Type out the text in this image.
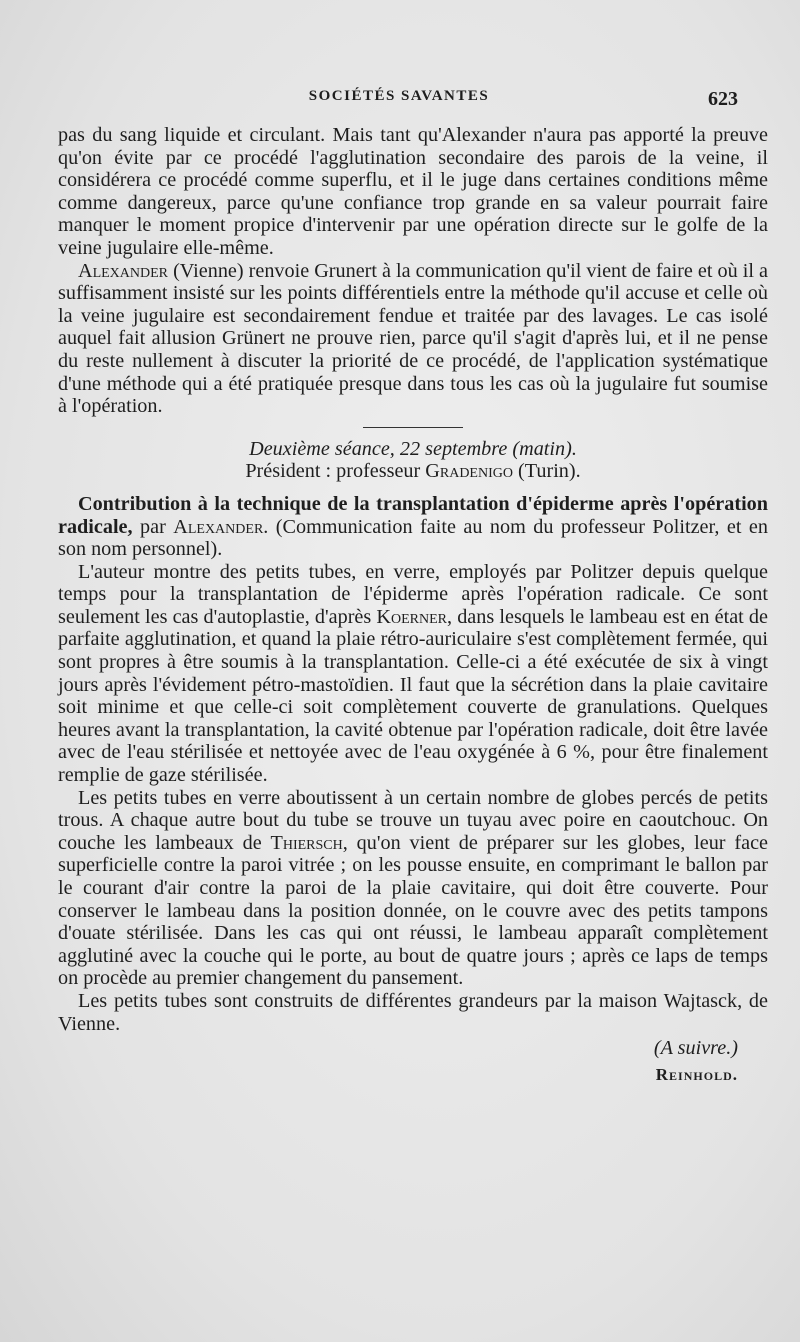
SOCIÉTÉS SAVANTES	623

pas du sang liquide et circulant. Mais tant qu'Alexander n'aura pas apporté la preuve qu'on évite par ce procédé l'agglutination secondaire des parois de la veine, il considérera ce procédé comme superflu, et il le juge dans certaines conditions même comme dangereux, parce qu'une confiance trop grande en sa valeur pourrait faire manquer le moment propice d'intervenir par une opération directe sur le golfe de la veine jugulaire elle-même.

Alexander (Vienne) renvoie Grunert à la communication qu'il vient de faire et où il a suffisamment insisté sur les points différentiels entre la méthode qu'il accuse et celle où la veine jugulaire est secondairement fendue et traitée par des lavages. Le cas isolé auquel fait allusion Grünert ne prouve rien, parce qu'il s'agit d'après lui, et il ne pense du reste nullement à discuter la priorité de ce procédé, de l'application systématique d'une méthode qui a été pratiquée presque dans tous les cas où la jugulaire fut soumise à l'opération.

Deuxième séance, 22 septembre (matin).

Président : professeur Gradenigo (Turin).

Contribution à la technique de la transplantation d'épiderme après l'opération radicale, par Alexander. (Communication faite au nom du professeur Politzer, et en son nom personnel).

L'auteur montre des petits tubes, en verre, employés par Politzer depuis quelque temps pour la transplantation de l'épiderme après l'opération radicale. Ce sont seulement les cas d'autoplastie, d'après Koerner, dans lesquels le lambeau est en état de parfaite agglutination, et quand la plaie rétro-auriculaire s'est complètement fermée, qui sont propres à être soumis à la transplantation. Celle-ci a été exécutée de six à vingt jours après l'évidement pétro-mastoïdien. Il faut que la sécrétion dans la plaie cavitaire soit minime et que celle-ci soit complètement couverte de granulations. Quelques heures avant la transplantation, la cavité obtenue par l'opération radicale, doit être lavée avec de l'eau stérilisée et nettoyée avec de l'eau oxygénée à 6 %, pour être finalement remplie de gaze stérilisée.

Les petits tubes en verre aboutissent à un certain nombre de globes percés de petits trous. A chaque autre bout du tube se trouve un tuyau avec poire en caoutchouc. On couche les lambeaux de Thiersch, qu'on vient de préparer sur les globes, leur face superficielle contre la paroi vitrée ; on les pousse ensuite, en comprimant le ballon par le courant d'air contre la paroi de la plaie cavitaire, qui doit être couverte. Pour conserver le lambeau dans la position donnée, on le couvre avec des petits tampons d'ouate stérilisée. Dans les cas qui ont réussi, le lambeau apparaît complètement agglutiné avec la couche qui le porte, au bout de quatre jours ; après ce laps de temps on procède au premier changement du pansement.

Les petits tubes sont construits de différentes grandeurs par la maison Wajtasck, de Vienne.

(A suivre.)
Reinhold.
